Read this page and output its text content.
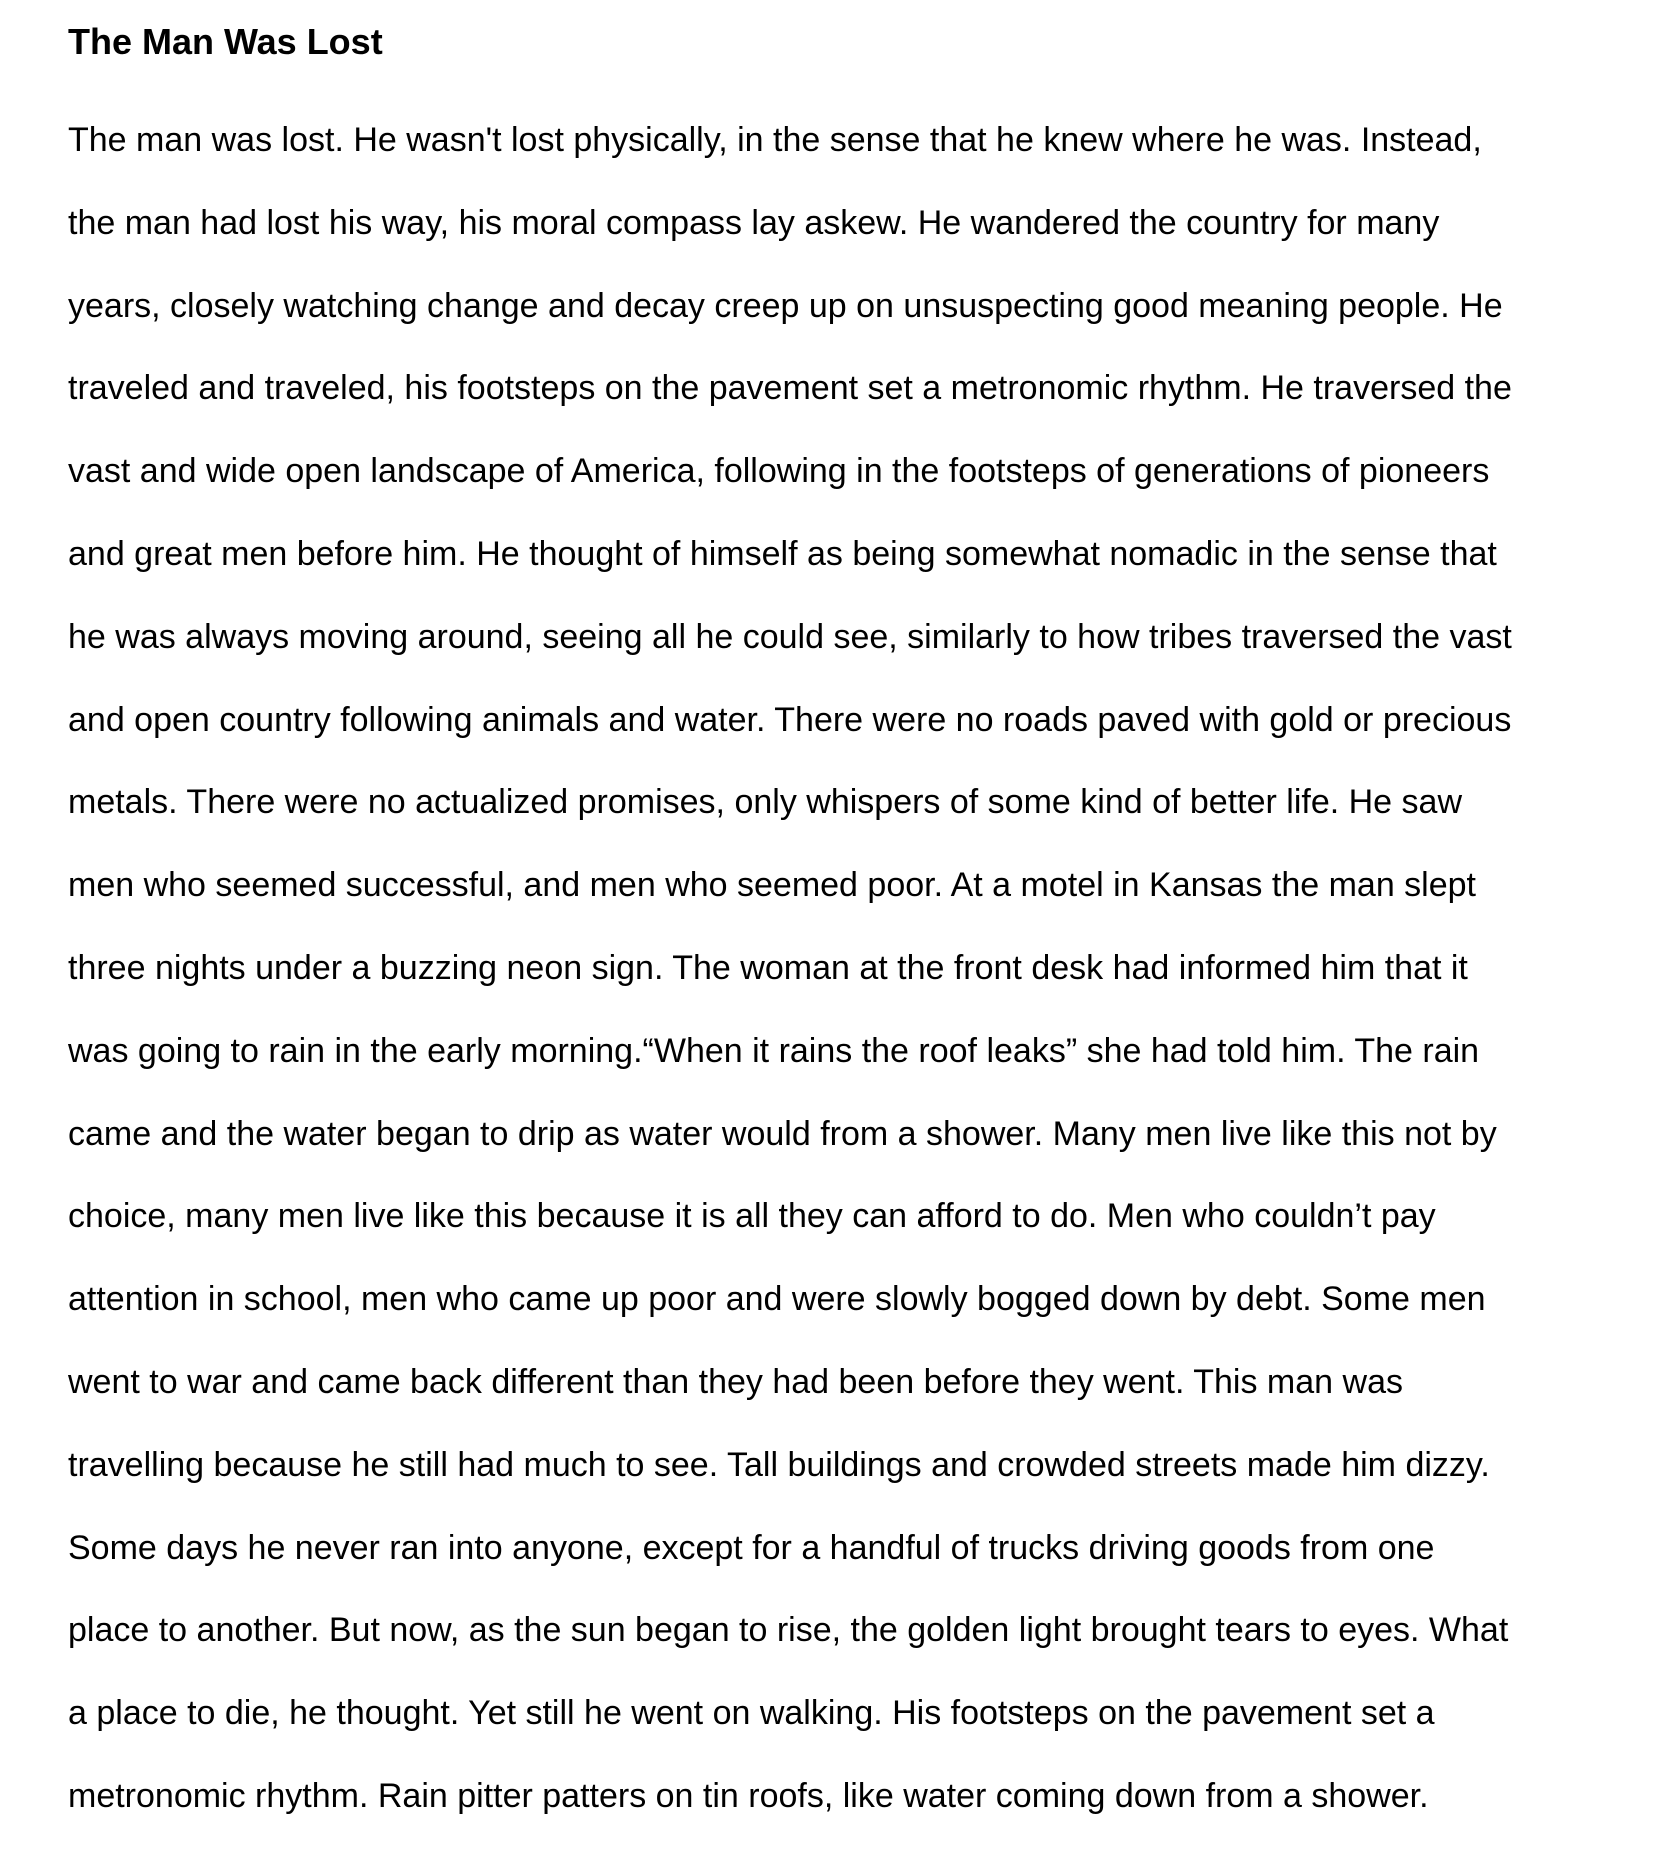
The Man Was Lost
The man was lost. He wasn't lost physically, in the sense that he knew where he was. Instead,
the man had lost his way, his moral compass lay askew. He wandered the country for many
years, closely watching change and decay creep up on unsuspecting good meaning people. He
traveled and traveled, his footsteps on the pavement set a metronomic rhythm. He traversed the
vast and wide open landscape of America, following in the footsteps of generations of pioneers
and great men before him. He thought of himself as being somewhat nomadic in the sense that
he was always moving around, seeing all he could see, similarly to how tribes traversed the vast
and open country following animals and water. There were no roads paved with gold or precious
metals. There were no actualized promises, only whispers of some kind of better life. He saw
men who seemed successful, and men who seemed poor. At a motel in Kansas the man slept
three nights under a buzzing neon sign. The woman at the front desk had informed him that it
was going to rain in the early morning.“When it rains the roof leaks” she had told him. The rain
came and the water began to drip as water would from a shower. Many men live like this not by
choice, many men live like this because it is all they can afford to do. Men who couldn’t pay
attention in school, men who came up poor and were slowly bogged down by debt. Some men
went to war and came back different than they had been before they went. This man was
travelling because he still had much to see. Tall buildings and crowded streets made him dizzy.
Some days he never ran into anyone, except for a handful of trucks driving goods from one
place to another. But now, as the sun began to rise, the golden light brought tears to eyes. What
a place to die, he thought. Yet still he went on walking. His footsteps on the pavement set a
metronomic rhythm. Rain pitter patters on tin roofs, like water coming down from a shower.
